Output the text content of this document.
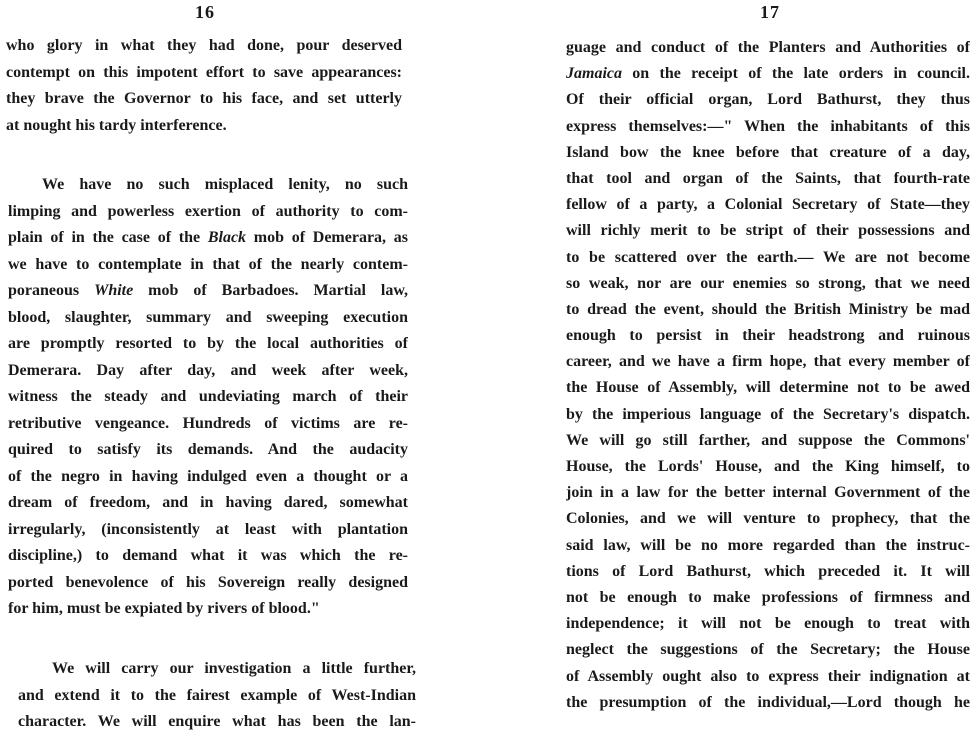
16
who glory in what they had done, pour deserved
contempt on this impotent effort to save appearances:
they brave the Governor to his face, and set utterly
at nought his tardy interference.
We have no such misplaced lenity, no such
limping and powerless exertion of authority to com-
plain of in the case of the Black mob of Demerara, as
we have to contemplate in that of the nearly contem-
poraneous White mob of Barbadoes. Martial law,
blood, slaughter, summary and sweeping execution
are promptly resorted to by the local authorities of
Demerara. Day after day, and week after week,
witness the steady and undeviating march of their
retributive vengeance. Hundreds of victims are re-
quired to satisfy its demands. And the audacity
of the negro in having indulged even a thought or a
dream of freedom, and in having dared, somewhat
irregularly, (inconsistently at least with plantation
discipline,) to demand what it was which the re-
ported benevolence of his Sovereign really designed
for him, must be expiated by rivers of blood."
We will carry our investigation a little further,
and extend it to the fairest example of West-Indian
character. We will enquire what has been the lan-
17
guage and conduct of the Planters and Authorities of
Jamaica on the receipt of the late orders in council.
Of their official organ, Lord Bathurst, they thus
express themselves:—" When the inhabitants of this
Island bow the knee before that creature of a day,
that tool and organ of the Saints, that fourth-rate
fellow of a party, a Colonial Secretary of State—they
will richly merit to be stript of their possessions and
to be scattered over the earth.— We are not become
so weak, nor are our enemies so strong, that we need
to dread the event, should the British Ministry be mad
enough to persist in their headstrong and ruinous
career, and we have a firm hope, that every member of
the House of Assembly, will determine not to be awed
by the imperious language of the Secretary's dispatch.
We will go still farther, and suppose the Commons'
House, the Lords' House, and the King himself, to
join in a law for the better internal Government of the
Colonies, and we will venture to prophecy, that the
said law, will be no more regarded than the instruc-
tions of Lord Bathurst, which preceded it. It will
not be enough to make professions of firmness and
independence; it will not be enough to treat with
neglect the suggestions of the Secretary; the House
of Assembly ought also to express their indignation at
the presumption of the individual,—Lord though he
